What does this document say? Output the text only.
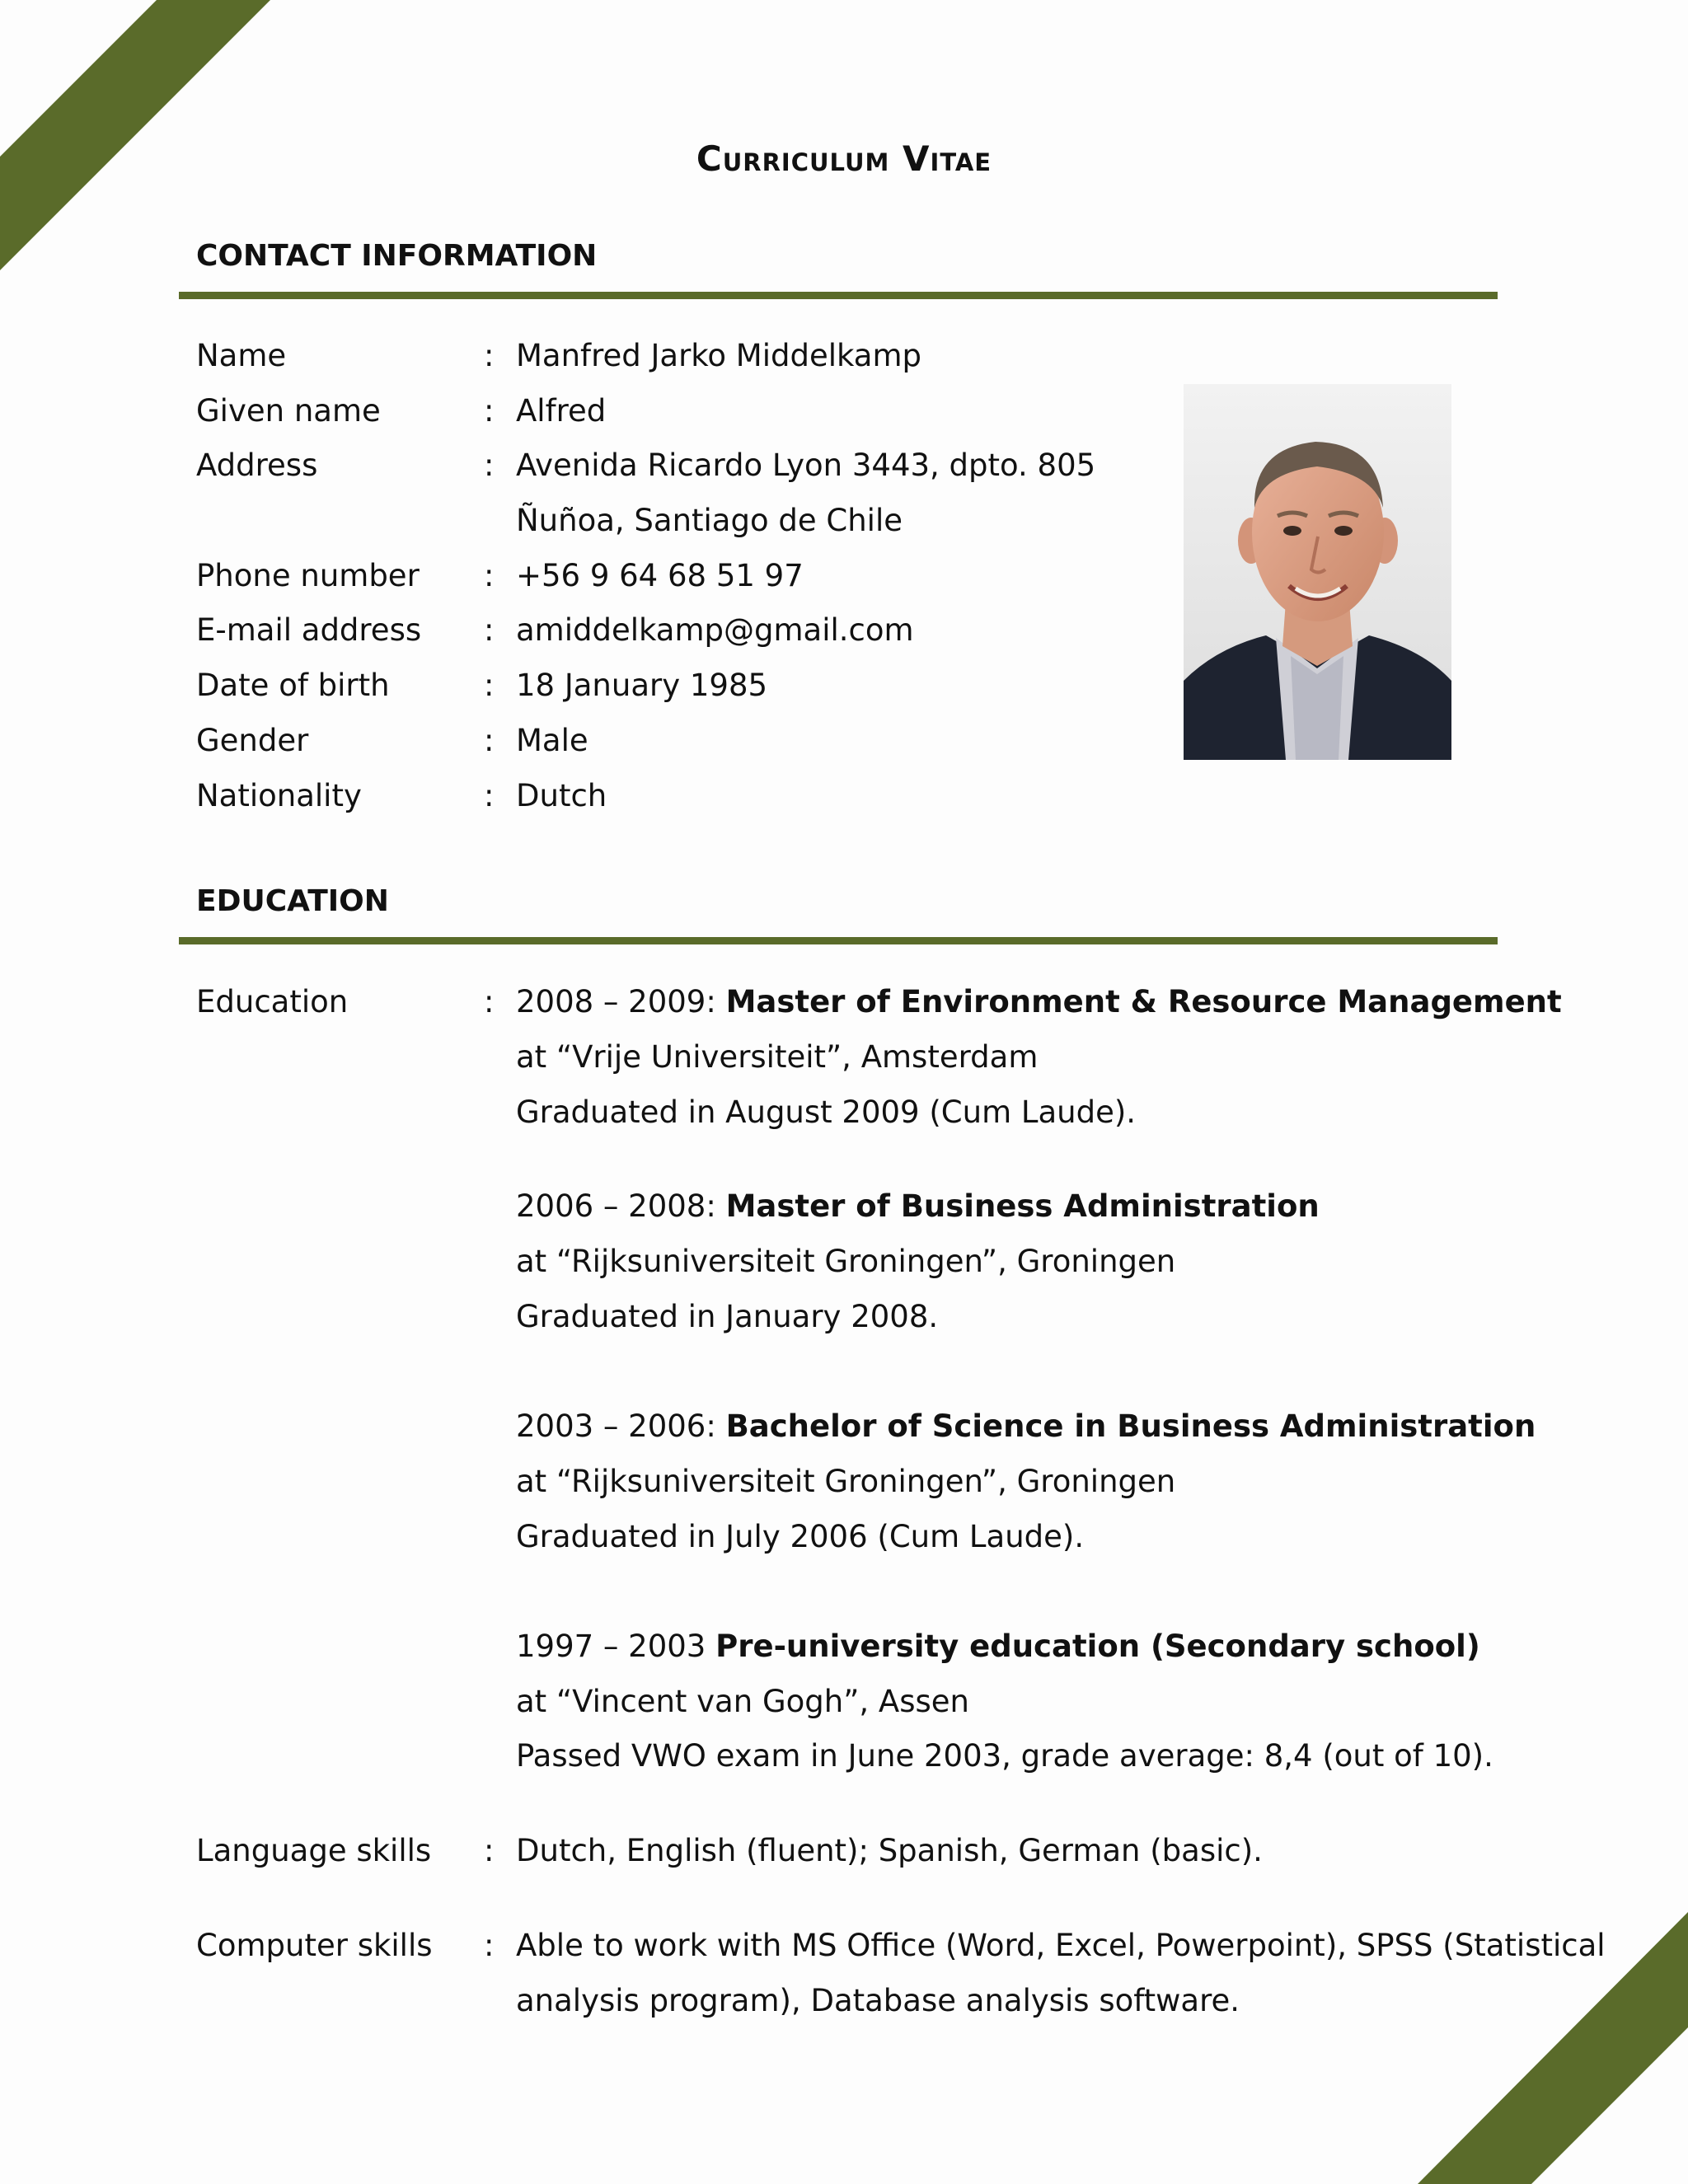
Curriculum Vitae
CONTACT INFORMATION
Name	: Manfred Jarko Middelkamp
Given name	: Alfred
Address	: Avenida Ricardo Lyon 3443, dpto. 805
Ñuñoa, Santiago de Chile
Phone number : +56 9 64 68 51 97
E-mail address : amiddelkamp@gmail.com
Date of birth	: 18 January 1985
Gender	: Male
Nationality	: Dutch
EDUCATION
Education	: 2008 – 2009: Master of Environment & Resource Management
at “Vrije Universiteit”, Amsterdam
Graduated in August 2009 (Cum Laude).
2006 – 2008: Master of Business Administration
at “Rijksuniversiteit Groningen”, Groningen
Graduated in January 2008.
2003 – 2006: Bachelor of Science in Business Administration
at “Rijksuniversiteit Groningen”, Groningen
Graduated in July 2006 (Cum Laude).
1997 – 2003 Pre-university education (Secondary school)
at “Vincent van Gogh”, Assen
Passed VWO exam in June 2003, grade average: 8,4 (out of 10).
Language skills : Dutch, English (fluent); Spanish, German (basic).
Computer skills : Able to work with MS Office (Word, Excel, Powerpoint), SPSS (Statistical
analysis program), Database analysis software.
